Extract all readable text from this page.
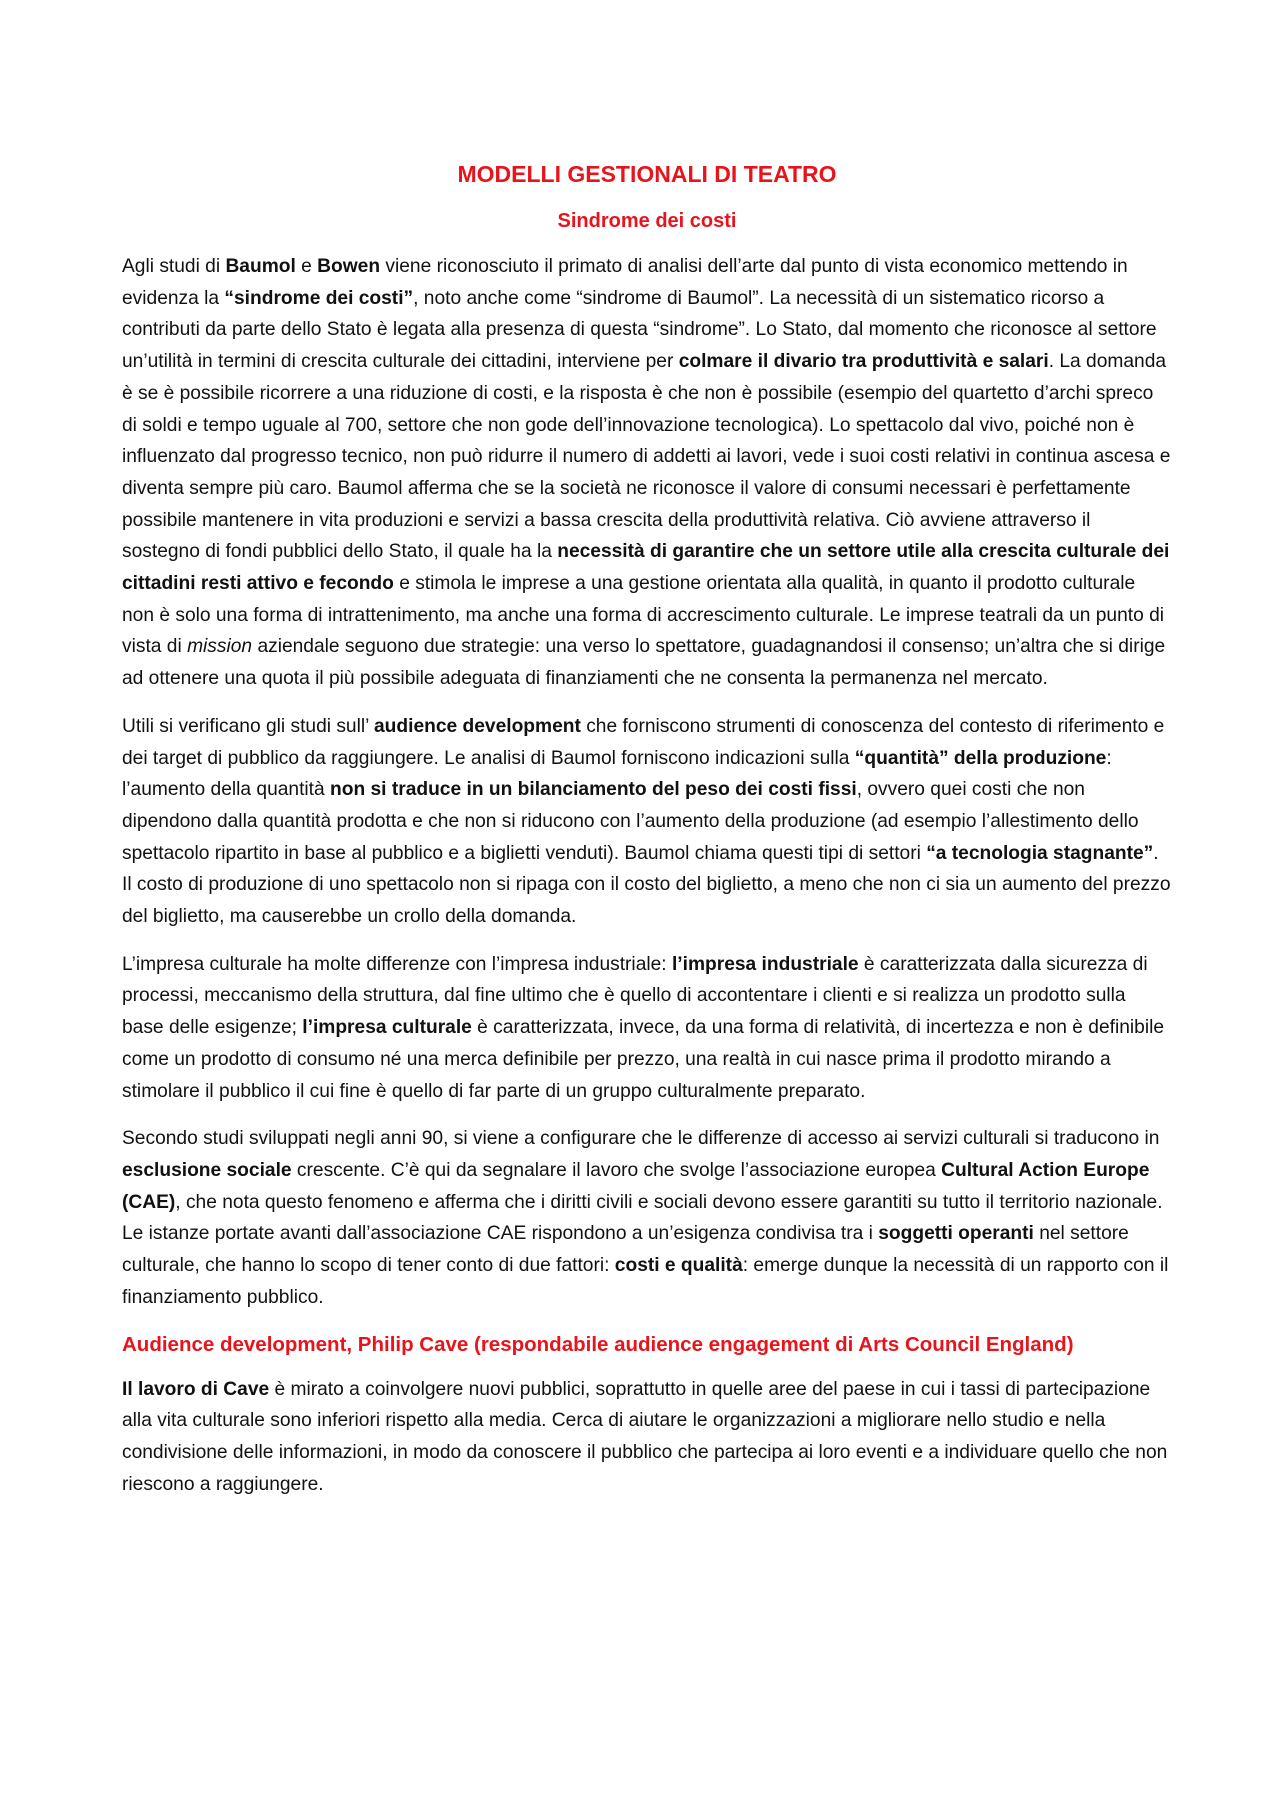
MODELLI GESTIONALI DI TEATRO
Sindrome dei costi

Agli studi di Baumol e Bowen viene riconosciuto il primato di analisi dell’arte dal punto di vista economico mettendo in evidenza la “sindrome dei costi”, noto anche come “sindrome di Baumol”. La necessità di un sistematico ricorso a contributi da parte dello Stato è legata alla presenza di questa “sindrome”. Lo Stato, dal momento che riconosce al settore un’utilità in termini di crescita culturale dei cittadini, interviene per colmare il divario tra produttività e salari. La domanda è se è possibile ricorrere a una riduzione di costi, e la risposta è che non è possibile (esempio del quartetto d’archi spreco di soldi e tempo uguale al 700, settore che non gode dell’innovazione tecnologica). Lo spettacolo dal vivo, poiché non è influenzato dal progresso tecnico, non può ridurre il numero di addetti ai lavori, vede i suoi costi relativi in continua ascesa e diventa sempre più caro. Baumol afferma che se la società ne riconosce il valore di consumi necessari è perfettamente possibile mantenere in vita produzioni e servizi a bassa crescita della produttività relativa. Ciò avviene attraverso il sostegno di fondi pubblici dello Stato, il quale ha la necessità di garantire che un settore utile alla crescita culturale dei cittadini resti attivo e fecondo e stimola le imprese a una gestione orientata alla qualità, in quanto il prodotto culturale non è solo una forma di intrattenimento, ma anche una forma di accrescimento culturale. Le imprese teatrali da un punto di vista di mission aziendale seguono due strategie: una verso lo spettatore, guadagnandosi il consenso; un’altra che si dirige ad ottenere una quota il più possibile adeguata di finanziamenti che ne consenta la permanenza nel mercato.

Utili si verificano gli studi sull’ audience development che forniscono strumenti di conoscenza del contesto di riferimento e dei target di pubblico da raggiungere. Le analisi di Baumol forniscono indicazioni sulla “quantità” della produzione: l’aumento della quantità non si traduce in un bilanciamento del peso dei costi fissi, ovvero quei costi che non dipendono dalla quantità prodotta e che non si riducono con l’aumento della produzione (ad esempio l’allestimento dello spettacolo ripartito in base al pubblico e a biglietti venduti). Baumol chiama questi tipi di settori “a tecnologia stagnante”. Il costo di produzione di uno spettacolo non si ripaga con il costo del biglietto, a meno che non ci sia un aumento del prezzo del biglietto, ma causerebbe un crollo della domanda.

L’impresa culturale ha molte differenze con l’impresa industriale: l’impresa industriale è caratterizzata dalla sicurezza di processi, meccanismo della struttura, dal fine ultimo che è quello di accontentare i clienti e si realizza un prodotto sulla base delle esigenze; l’impresa culturale è caratterizzata, invece, da una forma di relatività, di incertezza e non è definibile come un prodotto di consumo né una merca definibile per prezzo, una realtà in cui nasce prima il prodotto mirando a stimolare il pubblico il cui fine è quello di far parte di un gruppo culturalmente preparato.

Secondo studi sviluppati negli anni 90, si viene a configurare che le differenze di accesso ai servizi culturali si traducono in esclusione sociale crescente. C’è qui da segnalare il lavoro che svolge l’associazione europea Cultural Action Europe (CAE), che nota questo fenomeno e afferma che i diritti civili e sociali devono essere garantiti su tutto il territorio nazionale. Le istanze portate avanti dall’associazione CAE rispondono a un’esigenza condivisa tra i soggetti operanti nel settore culturale, che hanno lo scopo di tener conto di due fattori: costi e qualità: emerge dunque la necessità di un rapporto con il finanziamento pubblico.

Audience development, Philip Cave (respondabile audience engagement di Arts Council England)

Il lavoro di Cave è mirato a coinvolgere nuovi pubblici, soprattutto in quelle aree del paese in cui i tassi di partecipazione alla vita culturale sono inferiori rispetto alla media. Cerca di aiutare le organizzazioni a migliorare nello studio e nella condivisione delle informazioni, in modo da conoscere il pubblico che partecipa ai loro eventi e a individuare quello che non riescono a raggiungere.
